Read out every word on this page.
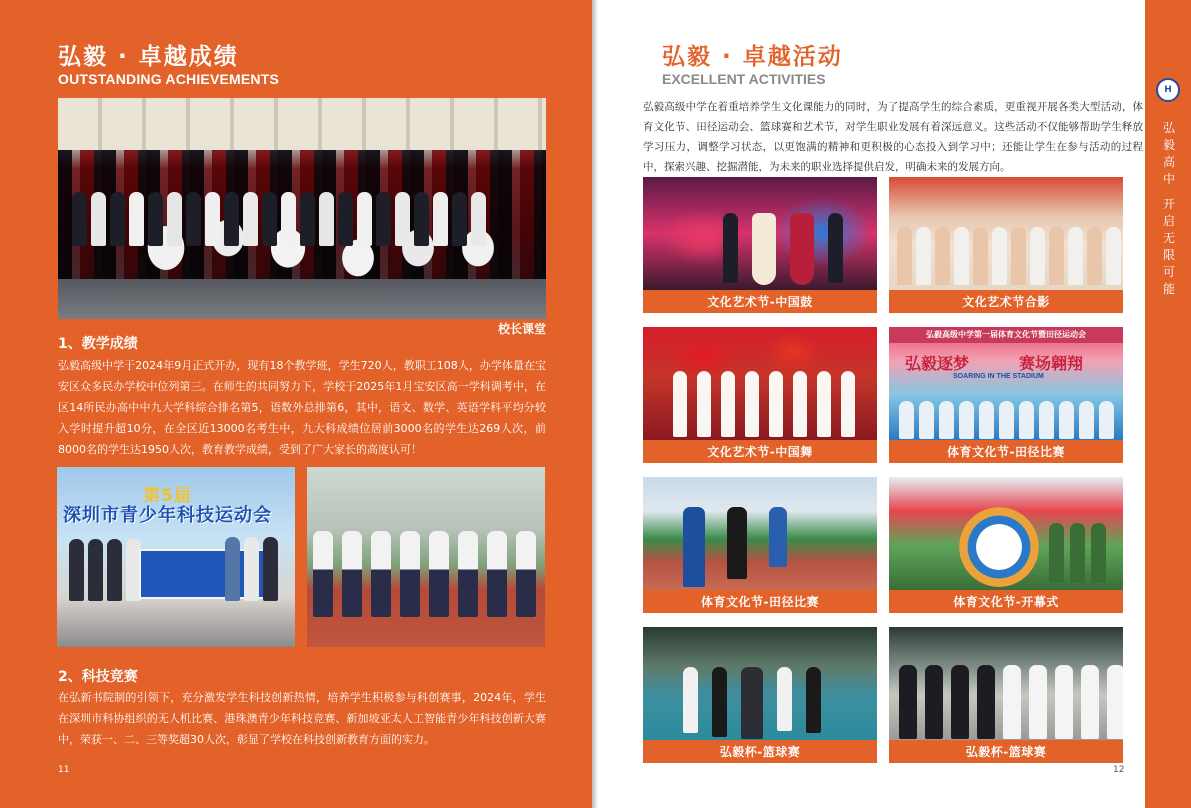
弘毅 · 卓越成绩
OUTSTANDING ACHIEVEMENTS
校长课堂
1、教学成绩
弘毅高级中学于2024年9月正式开办，现有18个教学班，学生720人，教职工108人，办学体量在宝安区众多民办学校中位列第三。在师生的共同努力下，学校于2025年1月宝安区高一学科调考中，在区14所民办高中中九大学科综合排名第5，语数外总排第6，其中，语文、数学、英语学科平均分较入学时提升超10分，在全区近13000名考生中，九大科成绩位居前3000名的学生达269人次，前8000名的学生达1950人次，教育教学成绩，受到了广大家长的高度认可！
第5届
深圳市青少年科技运动会
2、科技竞赛
在弘新书院制的引领下，充分激发学生科技创新热情，培养学生积极参与科创赛事，2024年，学生在深圳市科协组织的无人机比赛、港珠澳青少年科技竞赛、新加坡亚太人工智能青少年科技创新大赛中，荣获一、二、三等奖超30人次，彰显了学校在科技创新教育方面的实力。
11
弘毅 · 卓越活动
EXCELLENT ACTIVITIES
弘毅高级中学在着重培养学生文化课能力的同时，为了提高学生的综合素质，更重视开展各类大型活动，体育文化节、田径运动会、篮球赛和艺术节，对学生职业发展有着深远意义。这些活动不仅能够帮助学生释放学习压力，调整学习状态，以更饱满的精神和更积极的心态投入到学习中；还能让学生在参与活动的过程中，探索兴趣、挖掘潜能，为未来的职业选择提供启发，明确未来的发展方向。
文化艺术节-中国鼓	文化艺术节合影
文化艺术节-中国舞
弘毅高级中学第一届体育文化节暨田径运动会
弘毅逐梦	赛场翱翔
SOARING IN THE STADIUM
体育文化节-田径比赛
体育文化节-田径比赛	体育文化节-开幕式
弘毅杯-篮球赛	弘毅杯-篮球赛
H
弘毅高中
开启无限可能
12
